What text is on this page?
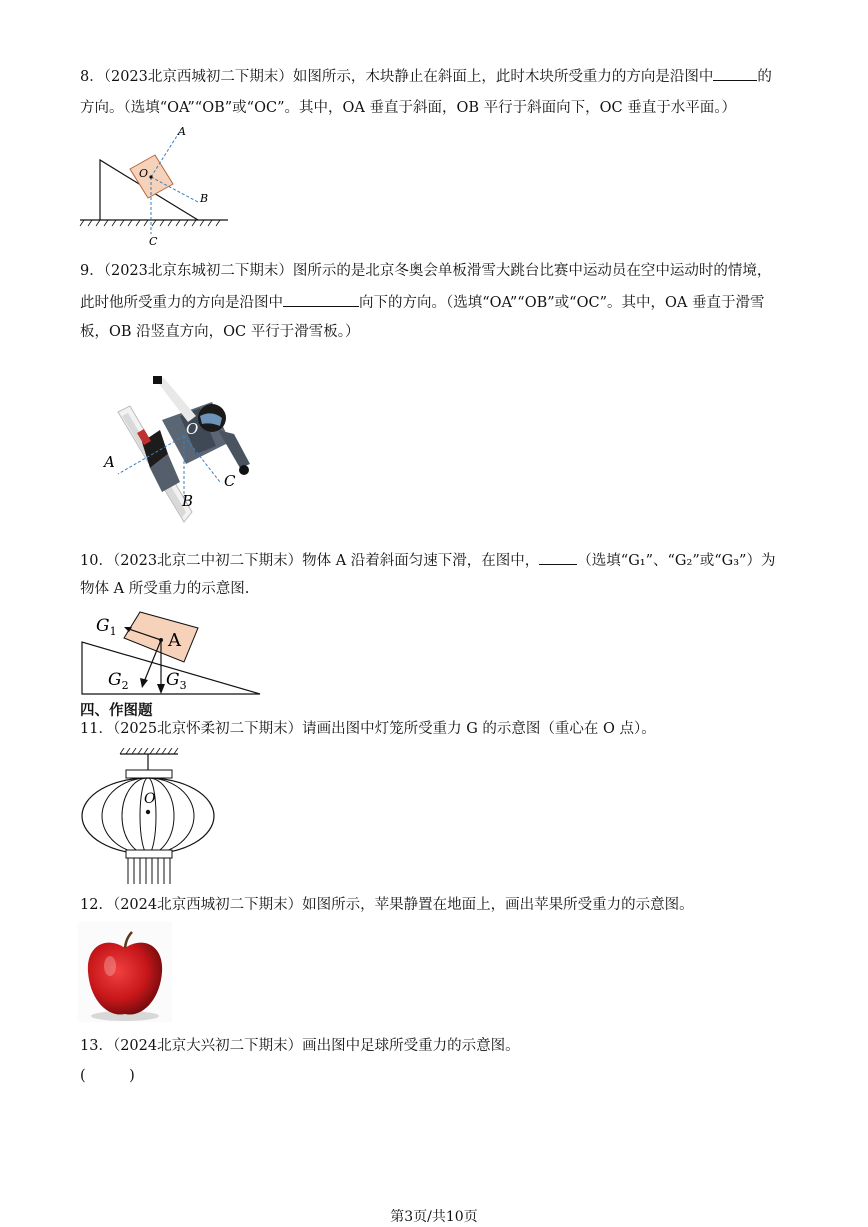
8．（2023北京西城初二下期末）如图所示，木块静止在斜面上，此时木块所受重力的方向是沿图中	的
方向。（选填“OA”“OB”或“OC”。其中，OA 垂直于斜面，OB 平行于斜面向下，OC 垂直于水平面。）
A
B
C
O
9．（2023北京东城初二下期末）图所示的是北京冬奥会单板滑雪大跳台比赛中运动员在空中运动时的情境，
此时他所受重力的方向是沿图中	向下的方向。（选填“OA”“OB”或“OC”。其中，OA 垂直于滑雪
板，OB 沿竖直方向，OC 平行于滑雪板。）
O
A
B
C
10．（2023北京二中初二下期末）物体 A 沿着斜面匀速下滑，在图中，	（选填“G₁”、“G₂”或“G₃”）为
物体 A 所受重力的示意图.
A
$G_1$
$G_2$ $G_3$
四、作图题
11．（2025北京怀柔初二下期末）请画出图中灯笼所受重力 G 的示意图（重心在 O 点）。
O
12．（2024北京西城初二下期末）如图所示，苹果静置在地面上，画出苹果所受重力的示意图。
13．（2024北京大兴初二下期末）画出图中足球所受重力的示意图。
(　　　)
第3页/共10页
